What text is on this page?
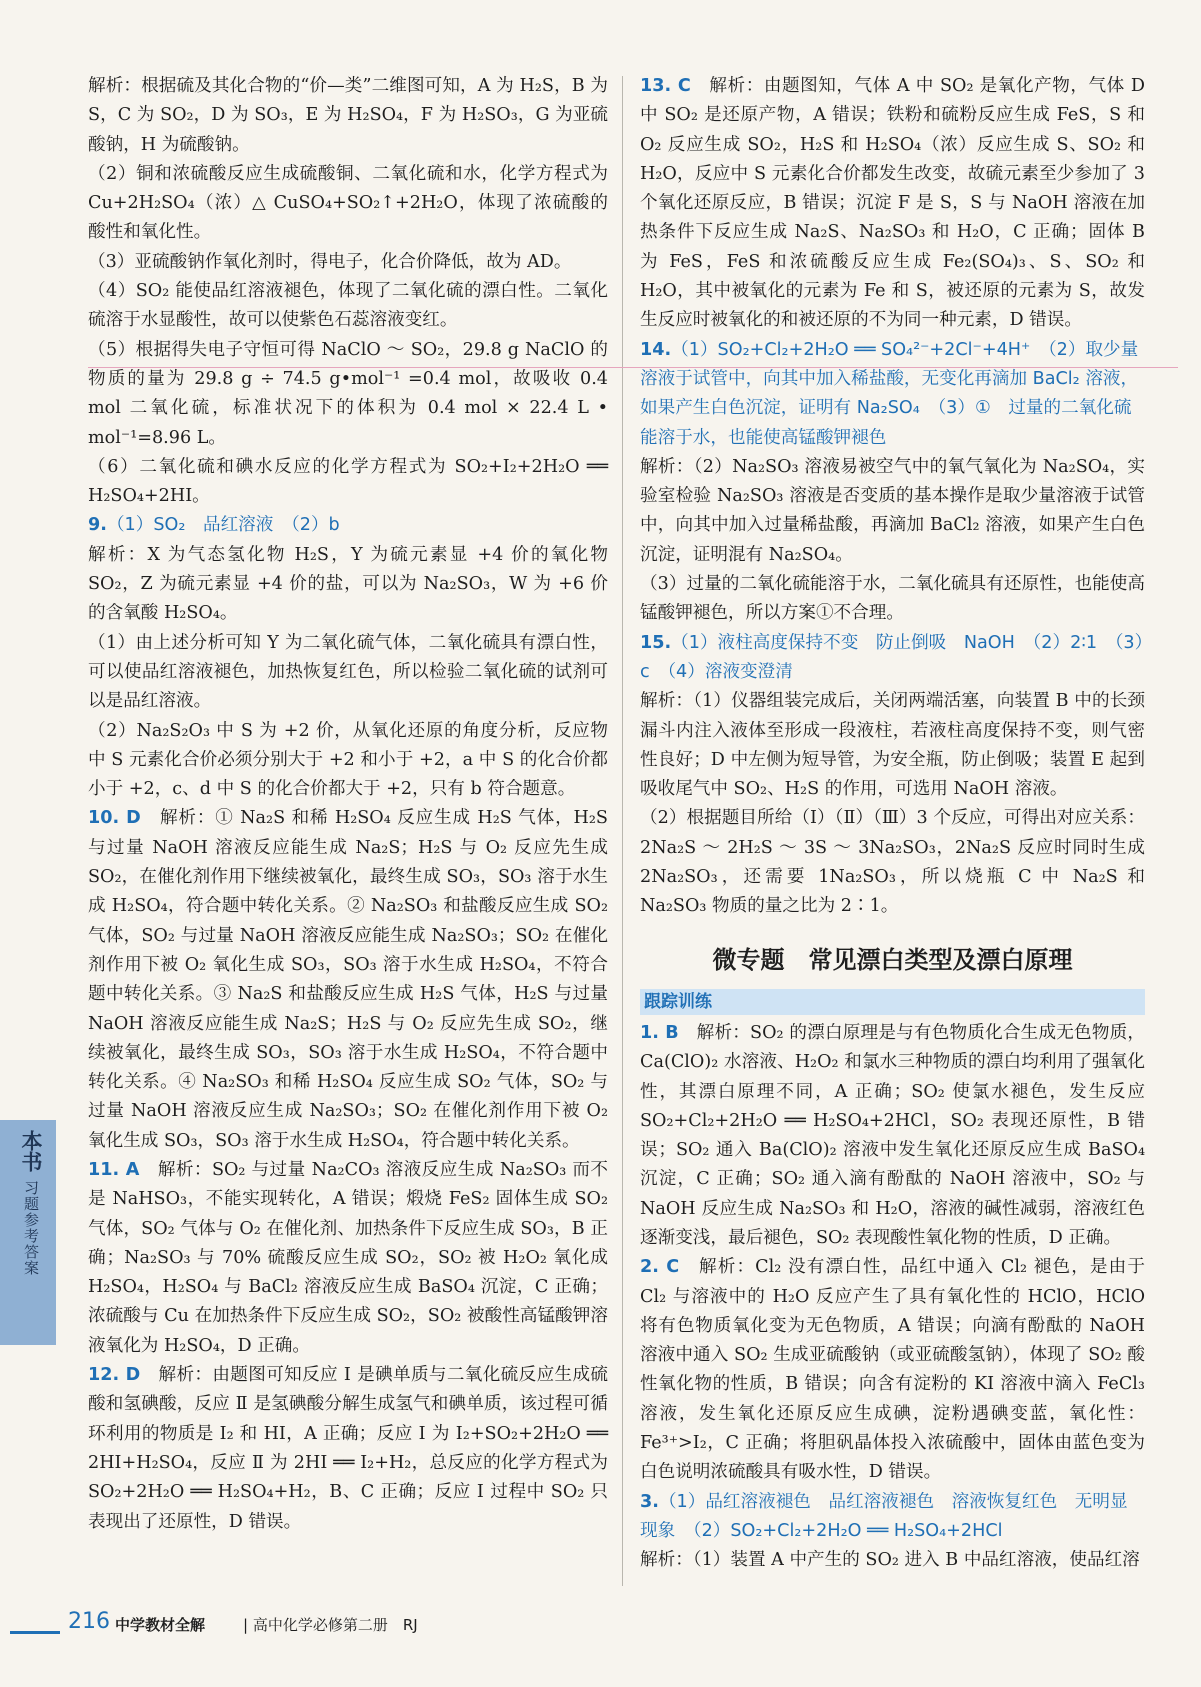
解析：根据硫及其化合物的“价—类”二维图可知，A 为 H₂S，B 为 S，C 为 SO₂，D 为 SO₃，E 为 H₂SO₄，F 为 H₂SO₃，G 为亚硫酸钠，H 为硫酸钠。

（2）铜和浓硫酸反应生成硫酸铜、二氧化硫和水，化学方程式为 Cu+2H₂SO₄（浓）△ CuSO₄+SO₂↑+2H₂O，体现了浓硫酸的酸性和氧化性。

（3）亚硫酸钠作氧化剂时，得电子，化合价降低，故为 AD。

（4）SO₂ 能使品红溶液褪色，体现了二氧化硫的漂白性。二氧化硫溶于水显酸性，故可以使紫色石蕊溶液变红。

（5）根据得失电子守恒可得 NaClO ～ SO₂，29.8 g NaClO 的物质的量为 29.8 g ÷ 74.5 g•mol⁻¹ =0.4 mol，故吸收 0.4 mol 二氧化硫，标准状况下的体积为 0.4 mol × 22.4 L • mol⁻¹=8.96 L。

（6）二氧化硫和碘水反应的化学方程式为 SO₂+I₂+2H₂O ══ H₂SO₄+2HI。

9.（1）SO₂　品红溶液　（2）b

解析：X 为气态氢化物 H₂S，Y 为硫元素显 +4 价的氧化物 SO₂，Z 为硫元素显 +4 价的盐，可以为 Na₂SO₃，W 为 +6 价的含氧酸 H₂SO₄。

（1）由上述分析可知 Y 为二氧化硫气体，二氧化硫具有漂白性，可以使品红溶液褪色，加热恢复红色，所以检验二氧化硫的试剂可以是品红溶液。

（2）Na₂S₂O₃ 中 S 为 +2 价，从氧化还原的角度分析，反应物中 S 元素化合价必须分别大于 +2 和小于 +2，a 中 S 的化合价都小于 +2，c、d 中 S 的化合价都大于 +2，只有 b 符合题意。

10. D　解析：① Na₂S 和稀 H₂SO₄ 反应生成 H₂S 气体，H₂S 与过量 NaOH 溶液反应能生成 Na₂S；H₂S 与 O₂ 反应先生成 SO₂，在催化剂作用下继续被氧化，最终生成 SO₃，SO₃ 溶于水生成 H₂SO₄，符合题中转化关系。② Na₂SO₃ 和盐酸反应生成 SO₂ 气体，SO₂ 与过量 NaOH 溶液反应能生成 Na₂SO₃；SO₂ 在催化剂作用下被 O₂ 氧化生成 SO₃，SO₃ 溶于水生成 H₂SO₄，不符合题中转化关系。③ Na₂S 和盐酸反应生成 H₂S 气体，H₂S 与过量 NaOH 溶液反应能生成 Na₂S；H₂S 与 O₂ 反应先生成 SO₂，继续被氧化，最终生成 SO₃，SO₃ 溶于水生成 H₂SO₄，不符合题中转化关系。④ Na₂SO₃ 和稀 H₂SO₄ 反应生成 SO₂ 气体，SO₂ 与过量 NaOH 溶液反应生成 Na₂SO₃；SO₂ 在催化剂作用下被 O₂ 氧化生成 SO₃，SO₃ 溶于水生成 H₂SO₄，符合题中转化关系。

11. A　解析：SO₂ 与过量 Na₂CO₃ 溶液反应生成 Na₂SO₃ 而不是 NaHSO₃，不能实现转化，A 错误；煅烧 FeS₂ 固体生成 SO₂ 气体，SO₂ 气体与 O₂ 在催化剂、加热条件下反应生成 SO₃，B 正确；Na₂SO₃ 与 70% 硫酸反应生成 SO₂，SO₂ 被 H₂O₂ 氧化成 H₂SO₄，H₂SO₄ 与 BaCl₂ 溶液反应生成 BaSO₄ 沉淀，C 正确；浓硫酸与 Cu 在加热条件下反应生成 SO₂，SO₂ 被酸性高锰酸钾溶液氧化为 H₂SO₄，D 正确。

12. D　解析：由题图可知反应 Ⅰ 是碘单质与二氧化硫反应生成硫酸和氢碘酸，反应 Ⅱ 是氢碘酸分解生成氢气和碘单质，该过程可循环利用的物质是 I₂ 和 HI，A 正确；反应 Ⅰ 为 I₂+SO₂+2H₂O ══ 2HI+H₂SO₄，反应 Ⅱ 为 2HI ══ I₂+H₂，总反应的化学方程式为 SO₂+2H₂O ══ H₂SO₄+H₂，B、C 正确；反应 Ⅰ 过程中 SO₂ 只表现出了还原性，D 错误。

13. C　解析：由题图知，气体 A 中 SO₂ 是氧化产物，气体 D 中 SO₂ 是还原产物，A 错误；铁粉和硫粉反应生成 FeS，S 和 O₂ 反应生成 SO₂，H₂S 和 H₂SO₄（浓）反应生成 S、SO₂ 和 H₂O，反应中 S 元素化合价都发生改变，故硫元素至少参加了 3 个氧化还原反应，B 错误；沉淀 F 是 S，S 与 NaOH 溶液在加热条件下反应生成 Na₂S、Na₂SO₃ 和 H₂O，C 正确；固体 B 为 FeS，FeS 和浓硫酸反应生成 Fe₂(SO₄)₃、S、SO₂ 和 H₂O，其中被氧化的元素为 Fe 和 S，被还原的元素为 S，故发生反应时被氧化的和被还原的不为同一种元素，D 错误。

14.（1）SO₂+Cl₂+2H₂O ══ SO₄²⁻+2Cl⁻+4H⁺　（2）取少量溶液于试管中，向其中加入稀盐酸，无变化再滴加 BaCl₂ 溶液，如果产生白色沉淀，证明有 Na₂SO₄　（3）①　过量的二氧化硫能溶于水，也能使高锰酸钾褪色

解析：（2）Na₂SO₃ 溶液易被空气中的氧气氧化为 Na₂SO₄，实验室检验 Na₂SO₃ 溶液是否变质的基本操作是取少量溶液于试管中，向其中加入过量稀盐酸，再滴加 BaCl₂ 溶液，如果产生白色沉淀，证明混有 Na₂SO₄。

（3）过量的二氧化硫能溶于水，二氧化硫具有还原性，也能使高锰酸钾褪色，所以方案①不合理。

15.（1）液柱高度保持不变　防止倒吸　NaOH　（2）2∶1　（3）c　（4）溶液变澄清

解析：（1）仪器组装完成后，关闭两端活塞，向装置 B 中的长颈漏斗内注入液体至形成一段液柱，若液柱高度保持不变，则气密性良好；D 中左侧为短导管，为安全瓶，防止倒吸；装置 E 起到吸收尾气中 SO₂、H₂S 的作用，可选用 NaOH 溶液。

（2）根据题目所给（Ⅰ）（Ⅱ）（Ⅲ）3 个反应，可得出对应关系：2Na₂S ～ 2H₂S ～ 3S ～ 3Na₂SO₃，2Na₂S 反应时同时生成 2Na₂SO₃，还需要 1Na₂SO₃，所以烧瓶 C 中 Na₂S 和 Na₂SO₃ 物质的量之比为 2∶1。

微专题　常见漂白类型及漂白原理
跟踪训练

1. B　解析：SO₂ 的漂白原理是与有色物质化合生成无色物质，Ca(ClO)₂ 水溶液、H₂O₂ 和氯水三种物质的漂白均利用了强氧化性，其漂白原理不同，A 正确；SO₂ 使氯水褪色，发生反应 SO₂+Cl₂+2H₂O ══ H₂SO₄+2HCl，SO₂ 表现还原性，B 错误；SO₂ 通入 Ba(ClO)₂ 溶液中发生氧化还原反应生成 BaSO₄ 沉淀，C 正确；SO₂ 通入滴有酚酞的 NaOH 溶液中，SO₂ 与 NaOH 反应生成 Na₂SO₃ 和 H₂O，溶液的碱性减弱，溶液红色逐渐变浅，最后褪色，SO₂ 表现酸性氧化物的性质，D 正确。

2. C　解析：Cl₂ 没有漂白性，品红中通入 Cl₂ 褪色，是由于 Cl₂ 与溶液中的 H₂O 反应产生了具有氧化性的 HClO，HClO 将有色物质氧化变为无色物质，A 错误；向滴有酚酞的 NaOH 溶液中通入 SO₂ 生成亚硫酸钠（或亚硫酸氢钠），体现了 SO₂ 酸性氧化物的性质，B 错误；向含有淀粉的 KI 溶液中滴入 FeCl₃ 溶液，发生氧化还原反应生成碘，淀粉遇碘变蓝，氧化性：Fe³⁺>I₂，C 正确；将胆矾晶体投入浓硫酸中，固体由蓝色变为白色说明浓硫酸具有吸水性，D 错误。

3.（1）品红溶液褪色　品红溶液褪色　溶液恢复红色　无明显现象　（2）SO₂+Cl₂+2H₂O ══ H₂SO₄+2HCl

解析：（1）装置 A 中产生的 SO₂ 进入 B 中品红溶液，使品红溶

本书
习题参考答案
216 中学教材全解	| 高中化学必修第二册　RJ
